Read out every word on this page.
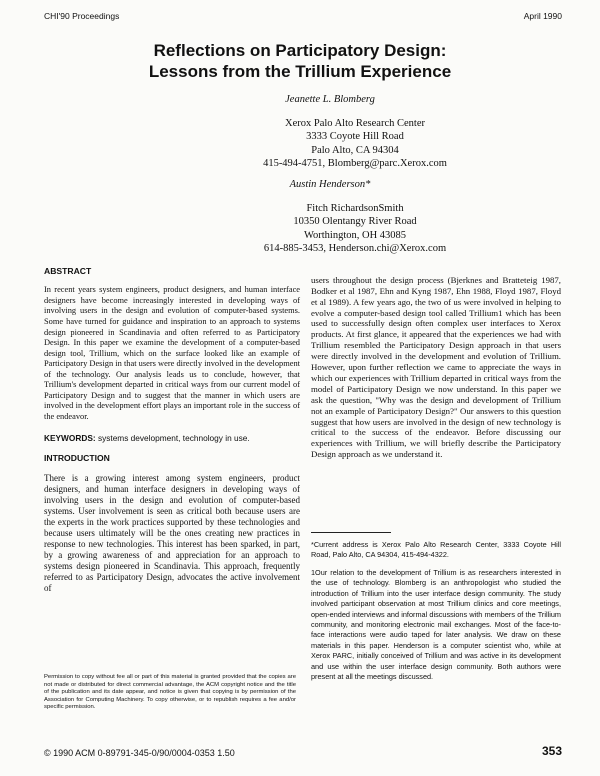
CHI'90 Proceedings	April 1990
Reflections on Participatory Design:
Lessons from the Trillium Experience
Jeanette L. Blomberg
Xerox Palo Alto Research Center
3333 Coyote Hill Road
Palo Alto, CA 94304
415-494-4751, Blomberg@parc.Xerox.com
Austin Henderson*
Fitch RichardsonSmith
10350 Olentangy River Road
Worthington, OH 43085
614-885-3453, Henderson.chi@Xerox.com
ABSTRACT

In recent years system engineers, product designers, and human interface designers have become increasingly interested in developing ways of involving users in the design and evolution of computer-based systems. Some have turned for guidance and inspiration to an approach to systems design pioneered in Scandinavia and often referred to as Participatory Design. In this paper we examine the development of a computer-based design tool, Trillium, which on the surface looked like an example of Participatory Design in that users were directly involved in the development of the technology. Our analysis leads us to conclude, however, that Trillium's development departed in critical ways from our current model of Participatory Design and to suggest that the manner in which users are involved in the development effort plays an important role in the success of the endeavor.

KEYWORDS: systems development, technology in use.
INTRODUCTION

There is a growing interest among system engineers, product designers, and human interface designers in developing ways of involving users in the design and evolution of computer-based systems. User involvement is seen as critical both because users are the experts in the work practices supported by these technologies and because users ultimately will be the ones creating new practices in response to new technologies. This interest has been sparked, in part, by a growing awareness of and appreciation for an approach to systems design pioneered in Scandinavia. This approach, frequently referred to as Participatory Design, advocates the active involvement of

Permission to copy without fee all or part of this material is granted provided that the copies are not made or distributed for direct commercial advantage, the ACM copyright notice and the title of the publication and its date appear, and notice is given that copying is by permission of the Association for Computing Machinery. To copy otherwise, or to republish requires a fee and/or specific permission.

users throughout the design process (Bjerknes and Bratteteig 1987, Bodker et al 1987, Ehn and Kyng 1987, Ehn 1988, Floyd 1987, Floyd et al 1989). A few years ago, the two of us were involved in helping to evolve a computer-based design tool called Trillium1 which has been used to successfully design often complex user interfaces to Xerox products. At first glance, it appeared that the experiences we had with Trillium resembled the Participatory Design approach in that users were directly involved in the development and evolution of Trillium. However, upon further reflection we came to appreciate the ways in which our experiences with Trillium departed in critical ways from the model of Participatory Design we now understand. In this paper we ask the question, "Why was the design and development of Trillium not an example of Participatory Design?" Our answers to this question suggest that how users are involved in the design of new technology is critical to the success of the endeavor. Before discussing our experiences with Trillium, we will briefly describe the Participatory Design approach as we understand it.

*Current address is Xerox Palo Alto Research Center, 3333 Coyote Hill Road, Palo Alto, CA 94304, 415-494-4322.

1Our relation to the development of Trillium is as researchers interested in the use of technology. Blomberg is an anthropologist who studied the introduction of Trillium into the user interface design community. The study involved participant observation at most Trillium clinics and core meetings, open-ended interviews and informal discussions with members of the Trillium community, and monitoring electronic mail exchanges. Most of the face-to-face interactions were audio taped for later analysis. We draw on these materials in this paper. Henderson is a computer scientist who, while at Xerox PARC, initially conceived of Trillium and was active in its development and use within the user interface design community. Both authors were present at all the meetings discussed.

© 1990 ACM 0-89791-345-0/90/0004-0353 1.50	353
